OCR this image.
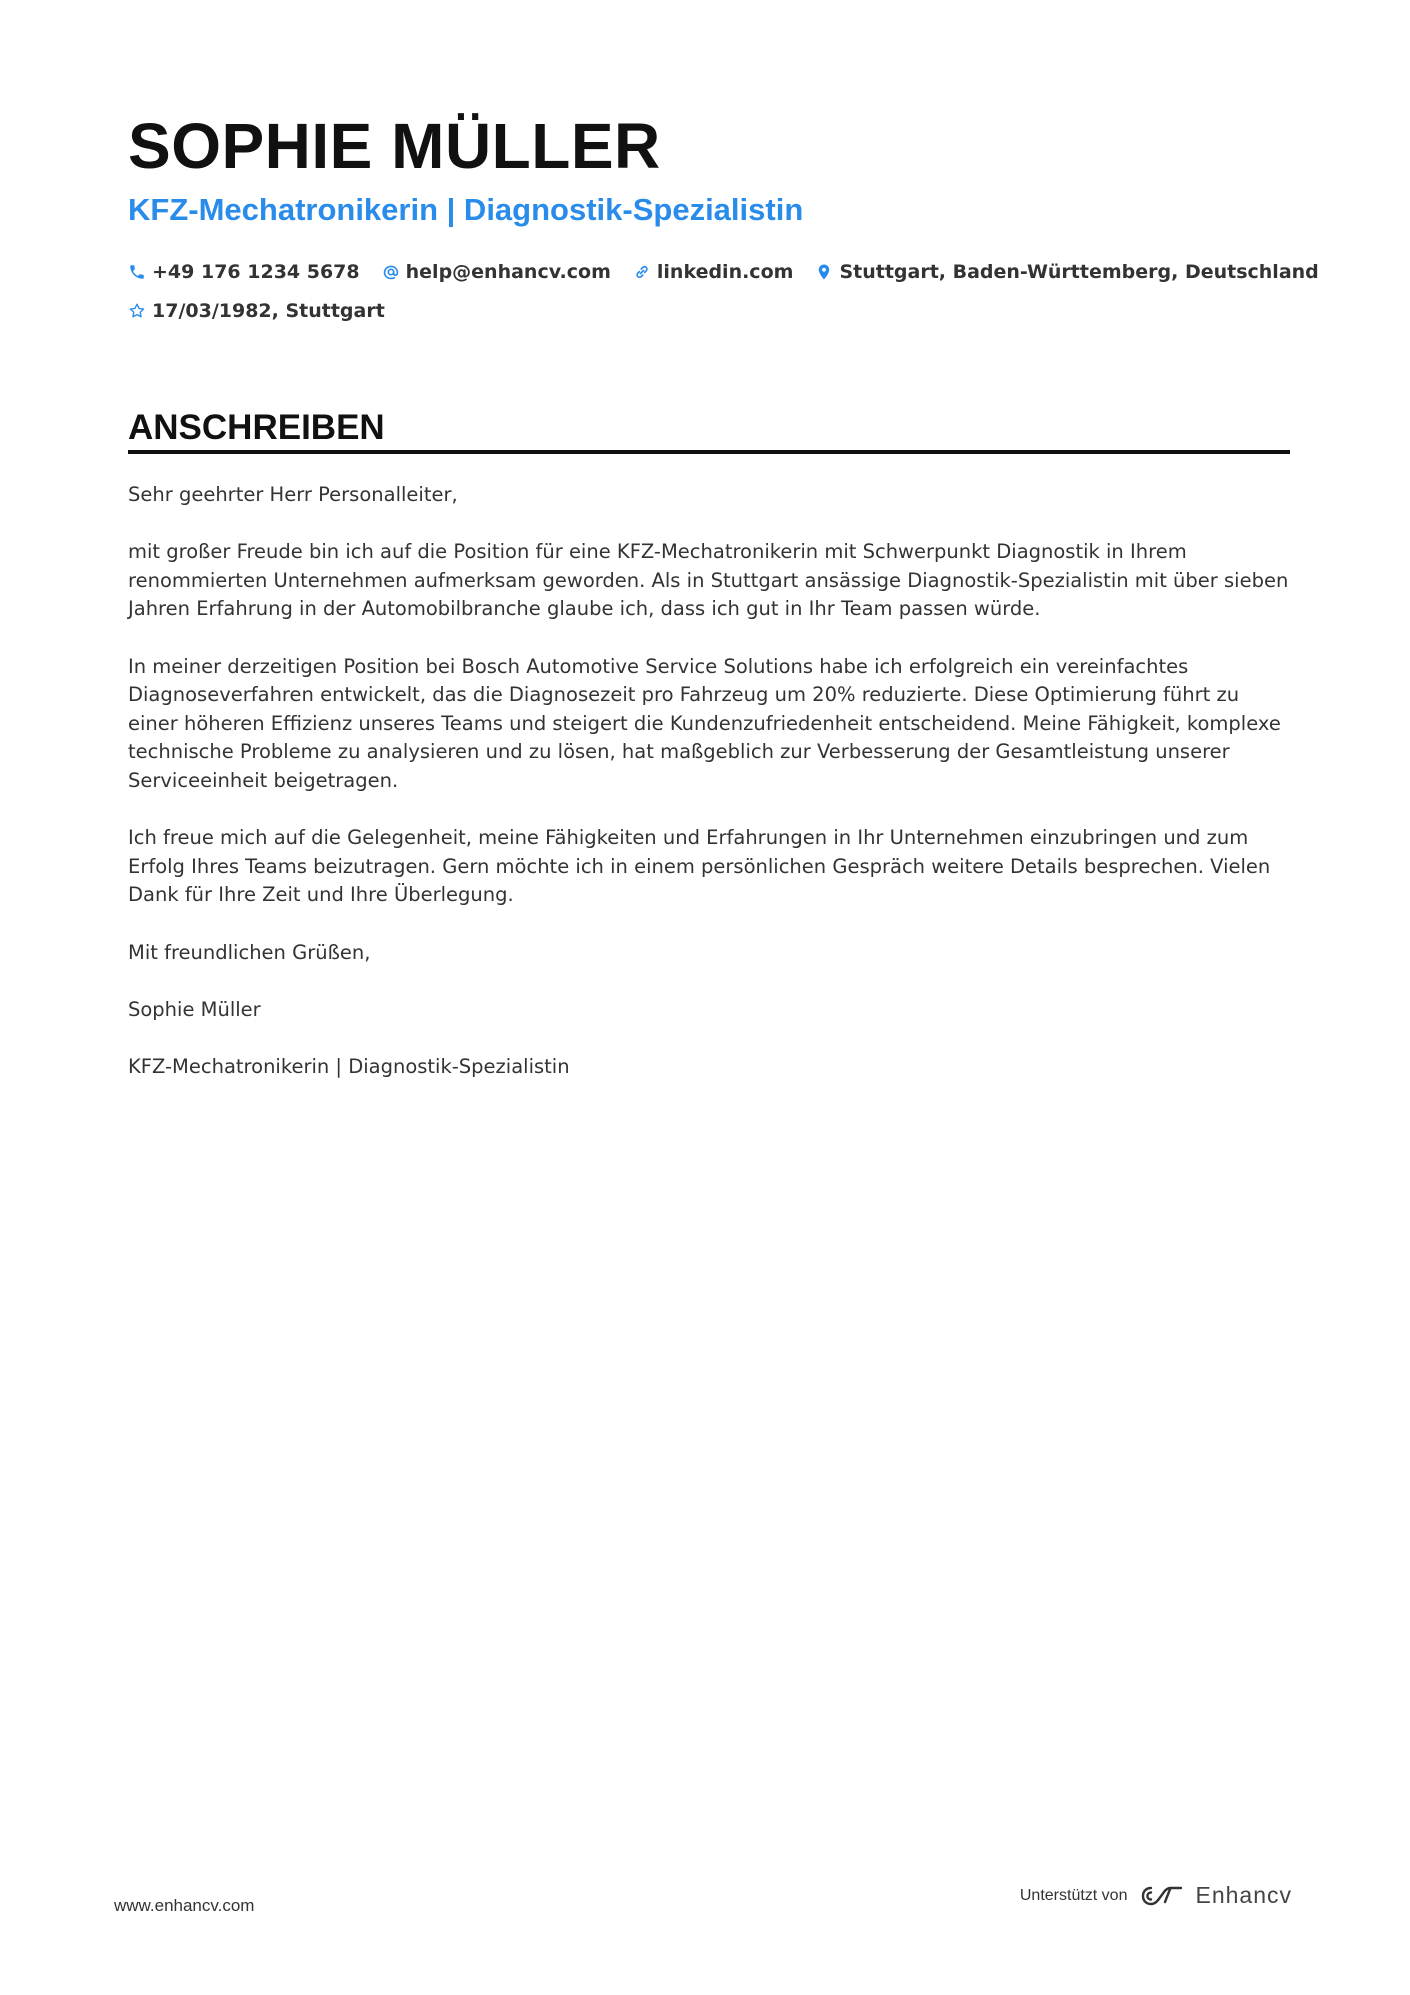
SOPHIE MÜLLER
KFZ-Mechatronikerin | Diagnostik-Spezialistin
+49 176 1234 5678 help@enhancv.com linkedin.com Stuttgart, Baden-Württemberg, Deutschland
17/03/1982, Stuttgart
ANSCHREIBEN

Sehr geehrter Herr Personalleiter,

mit großer Freude bin ich auf die Position für eine KFZ-Mechatronikerin mit Schwerpunkt Diagnostik in Ihrem renommierten Unternehmen aufmerksam geworden. Als in Stuttgart ansässige Diagnostik-Spezialistin mit über sieben Jahren Erfahrung in der Automobilbranche glaube ich, dass ich gut in Ihr Team passen würde.

In meiner derzeitigen Position bei Bosch Automotive Service Solutions habe ich erfolgreich ein vereinfachtes Diagnoseverfahren entwickelt, das die Diagnosezeit pro Fahrzeug um 20% reduzierte. Diese Optimierung führt zu einer höheren Effizienz unseres Teams und steigert die Kundenzufriedenheit entscheidend. Meine Fähigkeit, komplexe technische Probleme zu analysieren und zu lösen, hat maßgeblich zur Verbesserung der Gesamtleistung unserer Serviceeinheit beigetragen.

Ich freue mich auf die Gelegenheit, meine Fähigkeiten und Erfahrungen in Ihr Unternehmen einzubringen und zum Erfolg Ihres Teams beizutragen. Gern möchte ich in einem persönlichen Gespräch weitere Details besprechen. Vielen Dank für Ihre Zeit und Ihre Überlegung.

Mit freundlichen Grüßen,

Sophie Müller

KFZ-Mechatronikerin | Diagnostik-Spezialistin

www.enhancv.com
Unterstützt von	Enhancv
